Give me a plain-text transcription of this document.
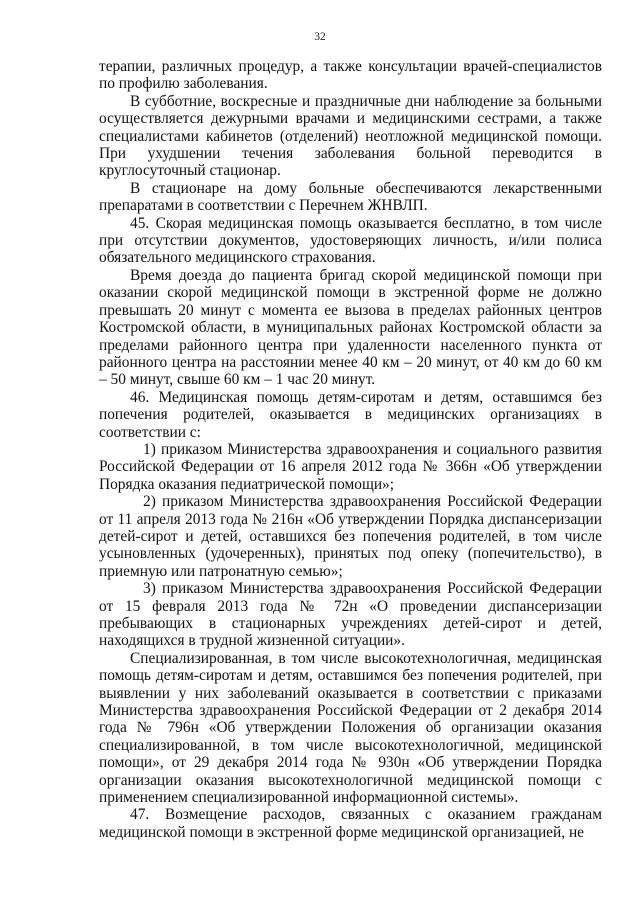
32

терапии, различных процедур, а также консультации врачей-специалистов по профилю заболевания.

В субботние, воскресные и праздничные дни наблюдение за больными осуществляется дежурными врачами и медицинскими сестрами, а также специалистами кабинетов (отделений) неотложной медицинской помощи. При ухудшении течения заболевания больной переводится в круглосуточный стационар.

В стационаре на дому больные обеспечиваются лекарственными препаратами в соответствии с Перечнем ЖНВЛП.

45. Скорая медицинская помощь оказывается бесплатно, в том числе при отсутствии документов, удостоверяющих личность, и/или полиса обязательного медицинского страхования.

Время доезда до пациента бригад скорой медицинской помощи при оказании скорой медицинской помощи в экстренной форме не должно превышать 20 минут с момента ее вызова в пределах районных центров Костромской области, в муниципальных районах Костромской области за пределами районного центра при удаленности населенного пункта от районного центра на расстоянии менее 40 км – 20 минут, от 40 км до 60 км – 50 минут, свыше 60 км – 1 час 20 минут.

46. Медицинская помощь детям-сиротам и детям, оставшимся без попечения родителей, оказывается в медицинских организациях в соответствии с:

1) приказом Министерства здравоохранения и социального развития Российской Федерации от 16 апреля 2012 года № 366н «Об утверждении Порядка оказания педиатрической помощи»;

2) приказом Министерства здравоохранения Российской Федерации от 11 апреля 2013 года № 216н «Об утверждении Порядка диспансеризации детей-сирот и детей, оставшихся без попечения родителей, в том числе усыновленных (удочеренных), принятых под опеку (попечительство), в приемную или патронатную семью»;

3) приказом Министерства здравоохранения Российской Федерации от 15 февраля 2013 года № 72н «О проведении диспансеризации пребывающих в стационарных учреждениях детей-сирот и детей, находящихся в трудной жизненной ситуации».

Специализированная, в том числе высокотехнологичная, медицинская помощь детям-сиротам и детям, оставшимся без попечения родителей, при выявлении у них заболеваний оказывается в соответствии с приказами Министерства здравоохранения Российской Федерации от 2 декабря 2014 года № 796н «Об утверждении Положения об организации оказания специализированной, в том числе высокотехнологичной, медицинской помощи», от 29 декабря 2014 года № 930н «Об утверждении Порядка организации оказания высокотехнологичной медицинской помощи с применением специализированной информационной системы».

47. Возмещение расходов, связанных с оказанием гражданам медицинской помощи в экстренной форме медицинской организацией, не
